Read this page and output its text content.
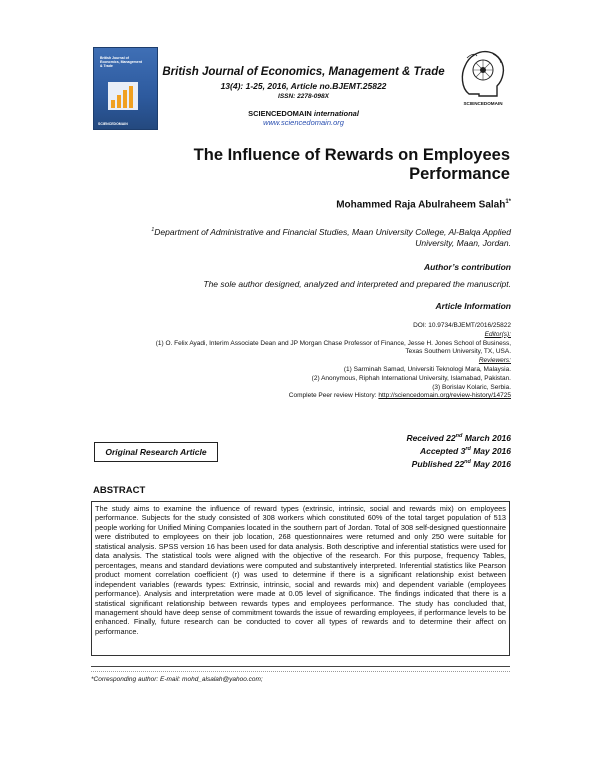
British Journal of
Economics, Management
& Trade
SCIENCEDOMAIN
SCIENCEDOMAIN
British Journal of Economics, Management & Trade
13(4): 1-25, 2016, Article no.BJEMT.25822
ISSN: 2278-098X
SCIENCEDOMAIN international
www.sciencedomain.org
The Influence of Rewards on Employees Performance
Mohammed Raja Abulraheem Salah$^{1*}$
$^1$Department of Administrative and Financial Studies, Maan University College, Al-Balqa Applied University, Maan, Jordan.
Author’s contribution
The sole author designed, analyzed and interpreted and prepared the manuscript.
Article Information
DOI: 10.9734/BJEMT/2016/25822
Editor(s):
(1) O. Felix Ayadi, Interim Associate Dean and JP Morgan Chase Professor of Finance, Jesse H. Jones School of Business,
Texas Southern University, TX, USA.
Reviewers:
(1) Sarminah Samad, Universiti Teknologi Mara, Malaysia.
(2) Anonymous, Riphah International University, Islamabad, Pakistan.
(3) Borislav Kolaric, Serbia.
Complete Peer review History: http://sciencedomain.org/review-history/14725
Original Research Article
Received 22nd March 2016
Accepted 3rd May 2016
Published 22nd May 2016
ABSTRACT
The study aims to examine the influence of reward types (extrinsic, intrinsic, social and rewards mix) on employees performance. Subjects for the study consisted of 308 workers which constituted 60% of the total target population of 513 people working for Unified Mining Companies located in the southern part of Jordan. Total of 308 self-designed questionnaire were distributed to employees on their job location, 268 questionnaires were returned and only 250 were suitable for statistical analysis. SPSS version 16 has been used for data analysis. Both descriptive and inferential statistics were used for data analysis. The statistical tools were aligned with the objective of the research. For this purpose, frequency Tables, percentages, means and standard deviations were computed and substantively interpreted. Inferential statistics like Pearson product moment correlation coefficient (r) was used to determine if there is a significant relationship exist between independent variables (rewards types: Extrinsic, intrinsic, social and rewards mix) and dependent variable (employees performance). Analysis and interpretation were made at 0.05 level of significance. The findings indicated that there is a statistical significant relationship between rewards types and employees performance. The study has concluded that, management should have deep sense of commitment towards the issue of rewarding employees, if performance levels to be enhanced. Finally, future research can be conducted to cover all types of rewards and to determine their affect on performance.
*Corresponding author: E-mail: mohd_alsalah@yahoo.com;
